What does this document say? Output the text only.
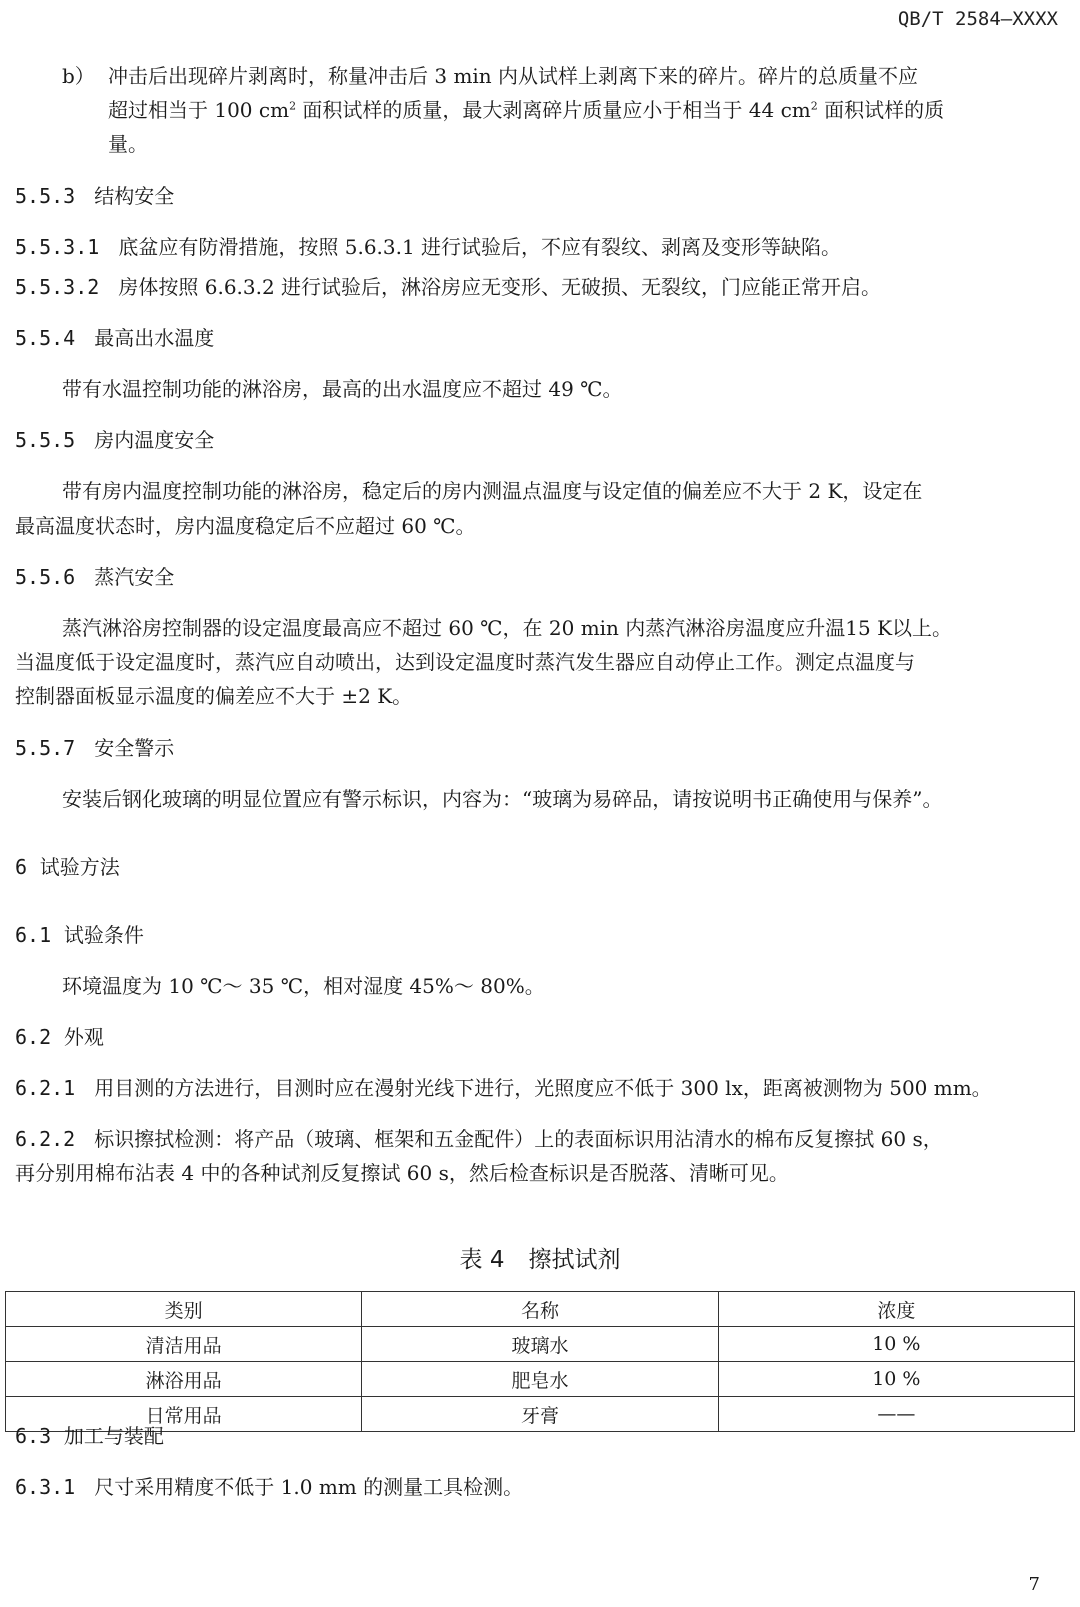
QB/T 2584—XXXX
b） 冲击后出现碎片剥离时，称量冲击后 3 min 内从试样上剥离下来的碎片。碎片的总质量不应
超过相当于 100 $cm^2$ 面积试样的质量，最大剥离碎片质量应小于相当于 44 $cm^2$ 面积试样的质
量。
5.5.3 结构安全
5.5.3.1 底盆应有防滑措施，按照 5.6.3.1 进行试验后，不应有裂纹、剥离及变形等缺陷。
5.5.3.2 房体按照 6.6.3.2 进行试验后，淋浴房应无变形、无破损、无裂纹，门应能正常开启。
5.5.4 最高出水温度
带有水温控制功能的淋浴房，最高的出水温度应不超过 49 ℃。
5.5.5 房内温度安全
带有房内温度控制功能的淋浴房，稳定后的房内测温点温度与设定值的偏差应不大于 2 K，设定在
最高温度状态时，房内温度稳定后不应超过 60 ℃。
5.5.6 蒸汽安全
蒸汽淋浴房控制器的设定温度最高应不超过 60 ℃，在 20 min 内蒸汽淋浴房温度应升温15 K以上。
当温度低于设定温度时，蒸汽应自动喷出，达到设定温度时蒸汽发生器应自动停止工作。测定点温度与
控制器面板显示温度的偏差应不大于 ±2 K。
5.5.7 安全警示
安装后钢化玻璃的明显位置应有警示标识，内容为：“玻璃为易碎品，请按说明书正确使用与保养”。
6 试验方法
6.1 试验条件
环境温度为 10 ℃～ 35 ℃，相对湿度 45%～ 80%。
6.2 外观
6.2.1 用目测的方法进行，目测时应在漫射光线下进行，光照度应不低于 300 lx，距离被测物为 500 mm。
6.2.2 标识擦拭检测：将产品（玻璃、框架和五金配件）上的表面标识用沾清水的棉布反复擦拭 60 s，
再分别用棉布沾表 4 中的各种试剂反复擦试 60 s，然后检查标识是否脱落、清晰可见。
表 4 擦拭试剂
类别	名称	浓度
清洁用品	玻璃水	10 %
淋浴用品	肥皂水	10 %
日常用品	牙膏	——
6.3 加工与装配
6.3.1 尺寸采用精度不低于 1.0 mm 的测量工具检测。
7
